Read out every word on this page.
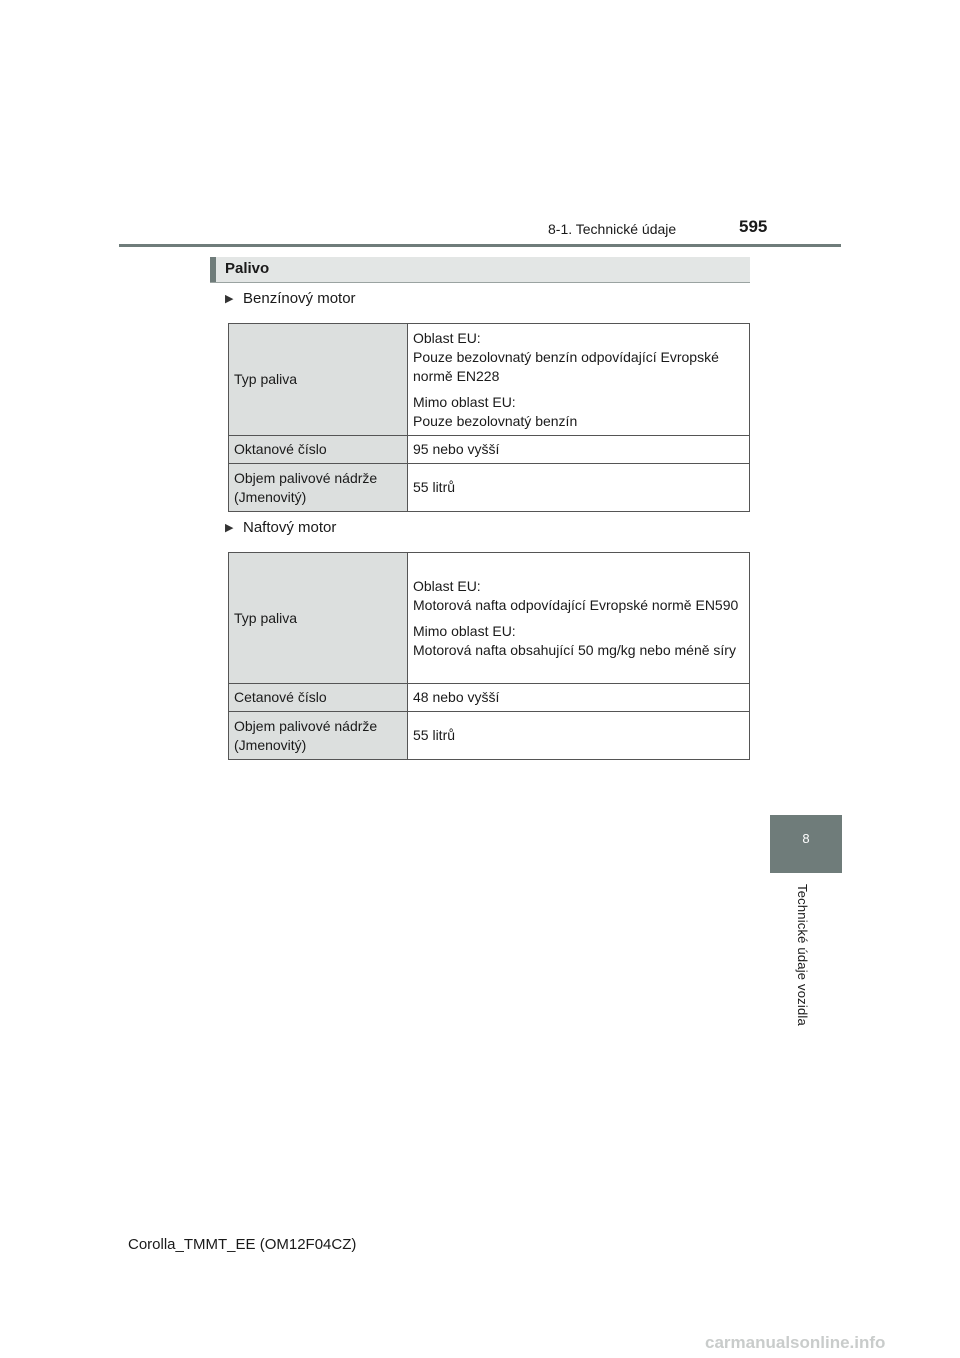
8-1. Technické údaje	595
8
Technické údaje vozidla
Palivo
▶ Benzínový motor
Typ paliva	Oblast EU:
Pouze bezolovnatý benzín odpovídající Evropské normě EN228

Mimo oblast EU:
Pouze bezolovnatý benzín

Oktanové číslo	95 nebo vyšší
Objem palivové nádrže (Jmenovitý)	55 litrů
▶ Naftový motor
Typ paliva	Oblast EU:
Motorová nafta odpovídající Evropské normě EN590

Mimo oblast EU:
Motorová nafta obsahující 50 mg/kg nebo méně síry

Cetanové číslo	48 nebo vyšší
Objem palivové nádrže (Jmenovitý)	55 litrů
Corolla_TMMT_EE (OM12F04CZ)
carmanualsonline.info
